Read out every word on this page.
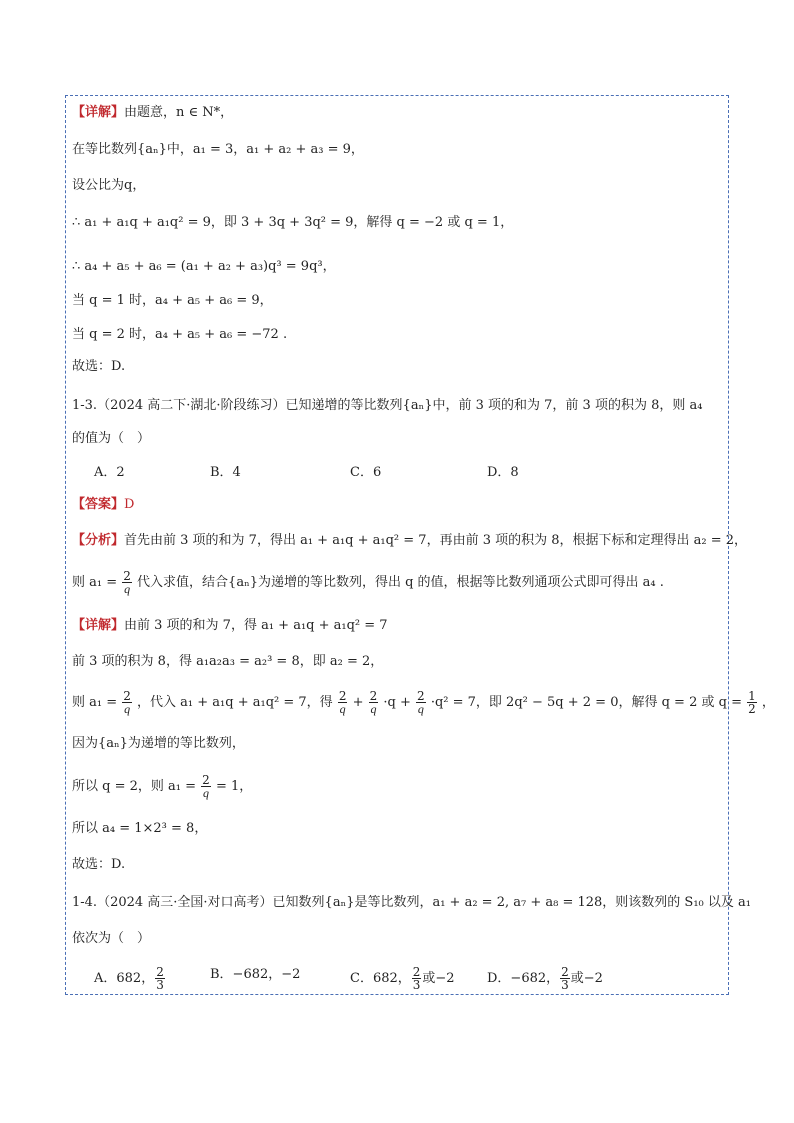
【详解】由题意，n ∈ N*，
在等比数列{aₙ}中，a₁ = 3，a₁ + a₂ + a₃ = 9，
设公比为q，
∴ a₁ + a₁q + a₁q² = 9，即 3 + 3q + 3q² = 9，解得 q = −2 或 q = 1，
∴ a₄ + a₅ + a₆ = (a₁ + a₂ + a₃)q³ = 9q³，
当 q = 1 时，a₄ + a₅ + a₆ = 9，
当 q = 2 时，a₄ + a₅ + a₆ = −72 .
故选：D.
1-3.（2024 高二下·湖北·阶段练习）已知递增的等比数列{aₙ}中，前 3 项的和为 7，前 3 项的积为 8，则 a₄
的值为（　）
A．2	B．4	C．6	D．8
【答案】D
【分析】首先由前 3 项的和为 7，得出 a₁ + a₁q + a₁q² = 7，再由前 3 项的积为 8，根据下标和定理得出 a₂ = 2，
则 $a_1 = \frac{2}{q}$ 代入求值，结合{aₙ}为递增的等比数列，得出 q 的值，根据等比数列通项公式即可得出 a₄ .
【详解】由前 3 项的和为 7，得 a₁ + a₁q + a₁q² = 7
前 3 项的积为 8，得 a₁a₂a₃ = a₂³ = 8，即 a₂ = 2，
则 $a_1 = \frac{2}{q}$ ，代入 a₁ + a₁q + a₁q² = 7，得 $\frac{2}{q} + \frac{2}{q} \cdot q + \frac{2}{q} \cdot q^2 = 7$，即 2q² − 5q + 2 = 0，解得 q = 2 或 $q = \frac{1}{2}$ ，
因为{aₙ}为递增的等比数列，
所以 q = 2，则 $a_1 = \frac{2}{q} = 1$，
所以 a₄ = 1×2³ = 8，
故选：D.
1-4.（2024 高三·全国·对口高考）已知数列{aₙ}是等比数列，a₁ + a₂ = 2, a₇ + a₈ = 128，则该数列的 S₁₀ 以及 a₁
依次为（　）
A．682， $\frac{2}{3}$	B．−682，−2	C．682， $\frac{2}{3}$ 或−2 D．−682， $\frac{2}{3}$ 或−2
